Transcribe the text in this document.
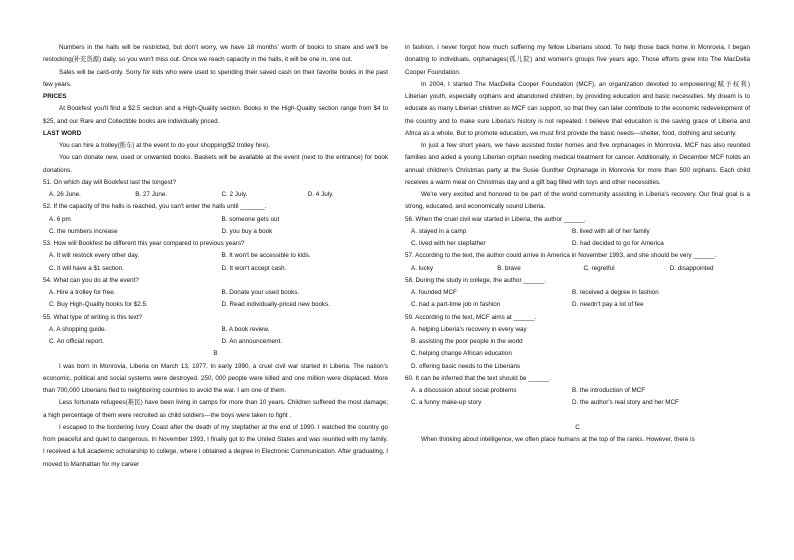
Numbers in the halls will be restricted, but don't worry, we have 18 months' worth of books to share and we'll be restocking(补充货源) daily, so you won't miss out. Once we reach capacity in the halls, it will be one in, one out.

Sales will be card-only. Sorry for kids who were used to spending their saved cash on their favorite books in the past few years.

PRICES

At Bookfest you'll find a $2.5 section and a High-Quality section. Books in the High-Quality section range from $4 to $25, and our Rare and Collectible books are individually priced.

LAST WORD

You can hire a trolley(推车) at the event to do your shopping($2 trolley hire).

You can donate new, used or unwanted books. Baskets will be available at the event (next to the entrance) for book donations.

51. On which day will Bookfest last the longest?

A. 26 June.	B. 27 June.	C. 2 July.	D. 4 July.

52. If the capacity of the halls is reached, you can't enter the halls until _______.

A. 6 pm	B. someone gets out
C. the numbers increase	D. you buy a book

53. How will Bookfest be different this year compared to previous years?

A. It will restock every other day.	B. It won't be accessible to kids.
C. It will have a $1 section.	D. It won't accept cash.

54. What can you do at the event?

A. Hire a trolley for free.	B. Donate your used books.
C. Buy High-Quality books for $2.5.	D. Read individually-priced new books.

55. What type of writing is this text?

A. A shopping guide.	B. A book review.
C. An official report.	D. An announcement.

B

I was born in Monrovia, Liberia on March 13, 1977. In early 1990, a cruel civil war started in Liberia. The nation's economic, political and social systems were destroyed. 250, 000 people were killed and one million were displaced. More than 700,000 Liberians fled to neighboring countries to avoid the war. I am one of them.

Less fortunate refugees(难民) have been living in camps for more than 10 years. Children suffered the most damage; a high percentage of them were recruited as child soldiers---the boys were taken to fight .

I escaped to the bordering Ivory Coast after the death of my stepfather at the end of 1990. I watched the country go from peaceful and quiet to dangerous. In November 1993, I finally got to the United States and was reunited with my family. I received a full academic scholarship to college, where I obtained a degree in Electronic Communication. After graduating, I moved to Manhattan for my career

in fashion. I never forgot how much suffering my fellow Liberians stood. To help those back home in Monrovia, I began donating to individuals, orphanages(孤儿院) and women's groups five years ago. Those efforts grew into The MacDella Cooper Foundation.

In 2004, I started The MacDella Cooper Foundation (MCF), an organization devoted to empowering(赋予权利) Liberian youth, especially orphans and abandoned children, by providing education and basic necessities. My dream is to educate as many Liberian children as MCF can support, so that they can later contribute to the economic redevelopment of the country and to make sure Liberia's history is not repeated. I believe that education is the saving grace of Liberia and Africa as a whole. But to promote education, we must first provide the basic needs---shelter, food, clothing and security.

In just a few short years, we have assisted foster homes and five orphanages in Monrovia. MCF has also reunited families and aided a young Liberian orphan needing medical treatment for cancer. Additionally, in December MCF holds an annual children's Christmas party at the Susie Gunther Orphanage in Monrovia for more than 500 orphans. Each child receives a warm meal on Christmas day and a gift bag filled with toys and other necessities.

We're very excited and honored to be part of the world community assisting in Liberia's recovery. Our final goal is a strong, educated, and economically sound Liberia.

56. When the cruel civil war started in Liberia, the author ______.

A. stayed in a camp	B. lived with all of her family
C. lived with her stepfather	D. had decided to go for America

57. According to the text, the author could arrive in America in November 1993, and she should be very ______.

A. lucky	B. brave	C. regretful	D. disappointed

58. During the study in college, the author ______.

A. founded MCF	B. received a degree in fashion
C. had a part-time job in fashion	D. needn't pay a lot of fee

59. According to the text, MCF aims at ______.

A. helping Liberia's recovery in every way

B. assisting the poor people in the world

C. helping change African education

D. offering basic needs to the Liberians

60. It can be inferred that the text should be ______.

A. a discussion about social problems	B. the introduction of MCF
C. a funny make-up story	D. the author's real story and her MCF

C

When thinking about intelligence, we often place humans at the top of the ranks. However, there is
